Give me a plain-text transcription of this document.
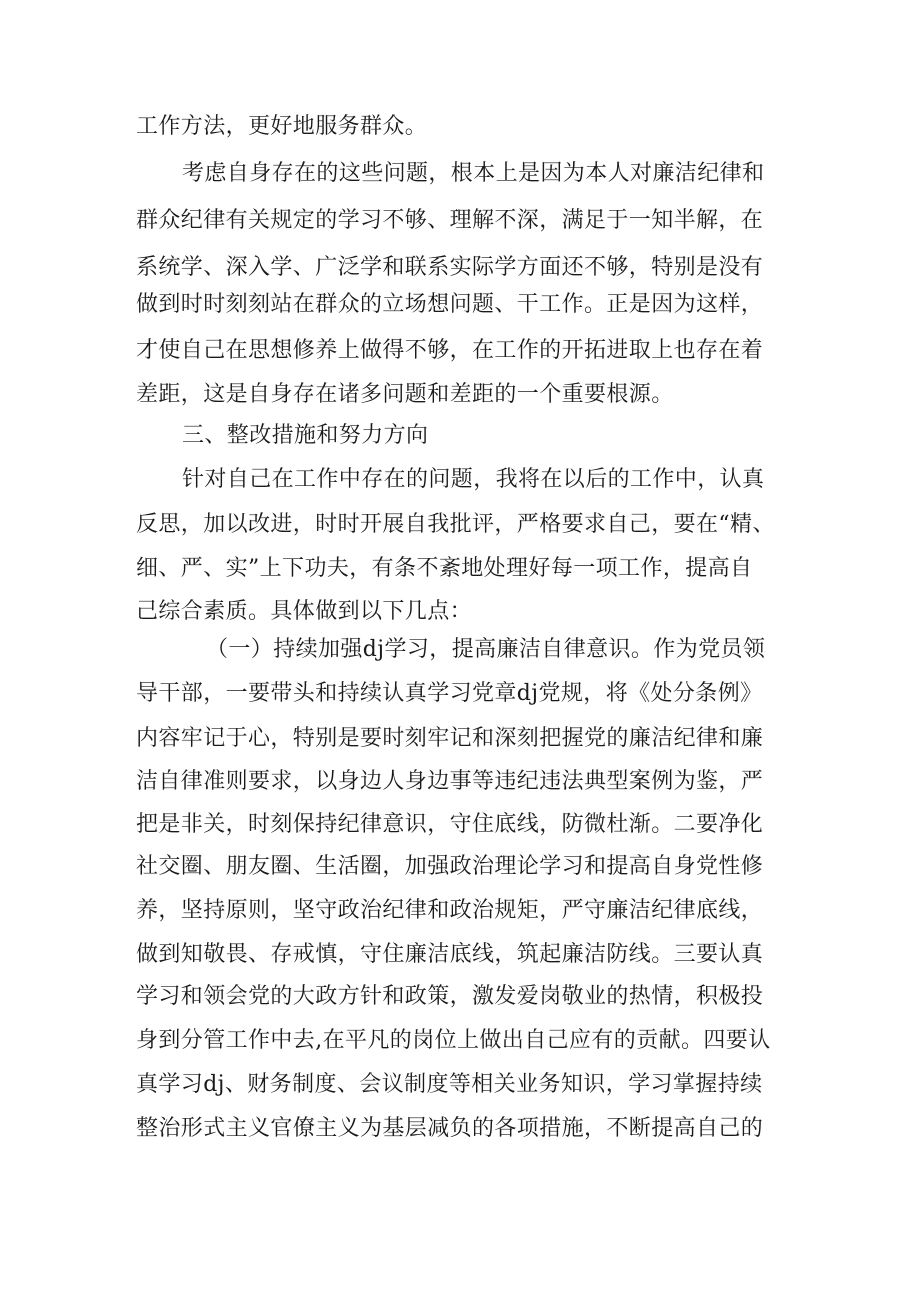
工作方法，更好地服务群众。
考虑自身存在的这些问题，根本上是因为本人对廉洁纪律和
群众纪律有关规定的学习不够、理解不深，满足于一知半解，在
系统学、深入学、广泛学和联系实际学方面还不够，特别是没有
做到时时刻刻站在群众的立场想问题、干工作。正是因为这样，
才使自己在思想修养上做得不够，在工作的开拓进取上也存在着
差距，这是自身存在诸多问题和差距的一个重要根源。
三、整改措施和努力方向
针对自己在工作中存在的问题，我将在以后的工作中，认真
反思，加以改进，时时开展自我批评，严格要求自己，要在“精、
细、严、实”上下功夫，有条不紊地处理好每一项工作，提高自
己综合素质。具体做到以下几点：
（一）持续加强dj学习，提高廉洁自律意识。作为党员领
导干部，一要带头和持续认真学习党章dj党规，将《处分条例》
内容牢记于心，特别是要时刻牢记和深刻把握党的廉洁纪律和廉
洁自律准则要求，以身边人身边事等违纪违法典型案例为鉴，严
把是非关，时刻保持纪律意识，守住底线，防微杜渐。二要净化
社交圈、朋友圈、生活圈，加强政治理论学习和提高自身党性修
养，坚持原则，坚守政治纪律和政治规矩，严守廉洁纪律底线，
做到知敬畏、存戒慎，守住廉洁底线，筑起廉洁防线。三要认真
学习和领会党的大政方针和政策，激发爱岗敬业的热情，积极投
身到分管工作中去,在平凡的岗位上做出自己应有的贡献。四要认
真学习dj、财务制度、会议制度等相关业务知识，学习掌握持续
整治形式主义官僚主义为基层减负的各项措施，不断提高自己的
